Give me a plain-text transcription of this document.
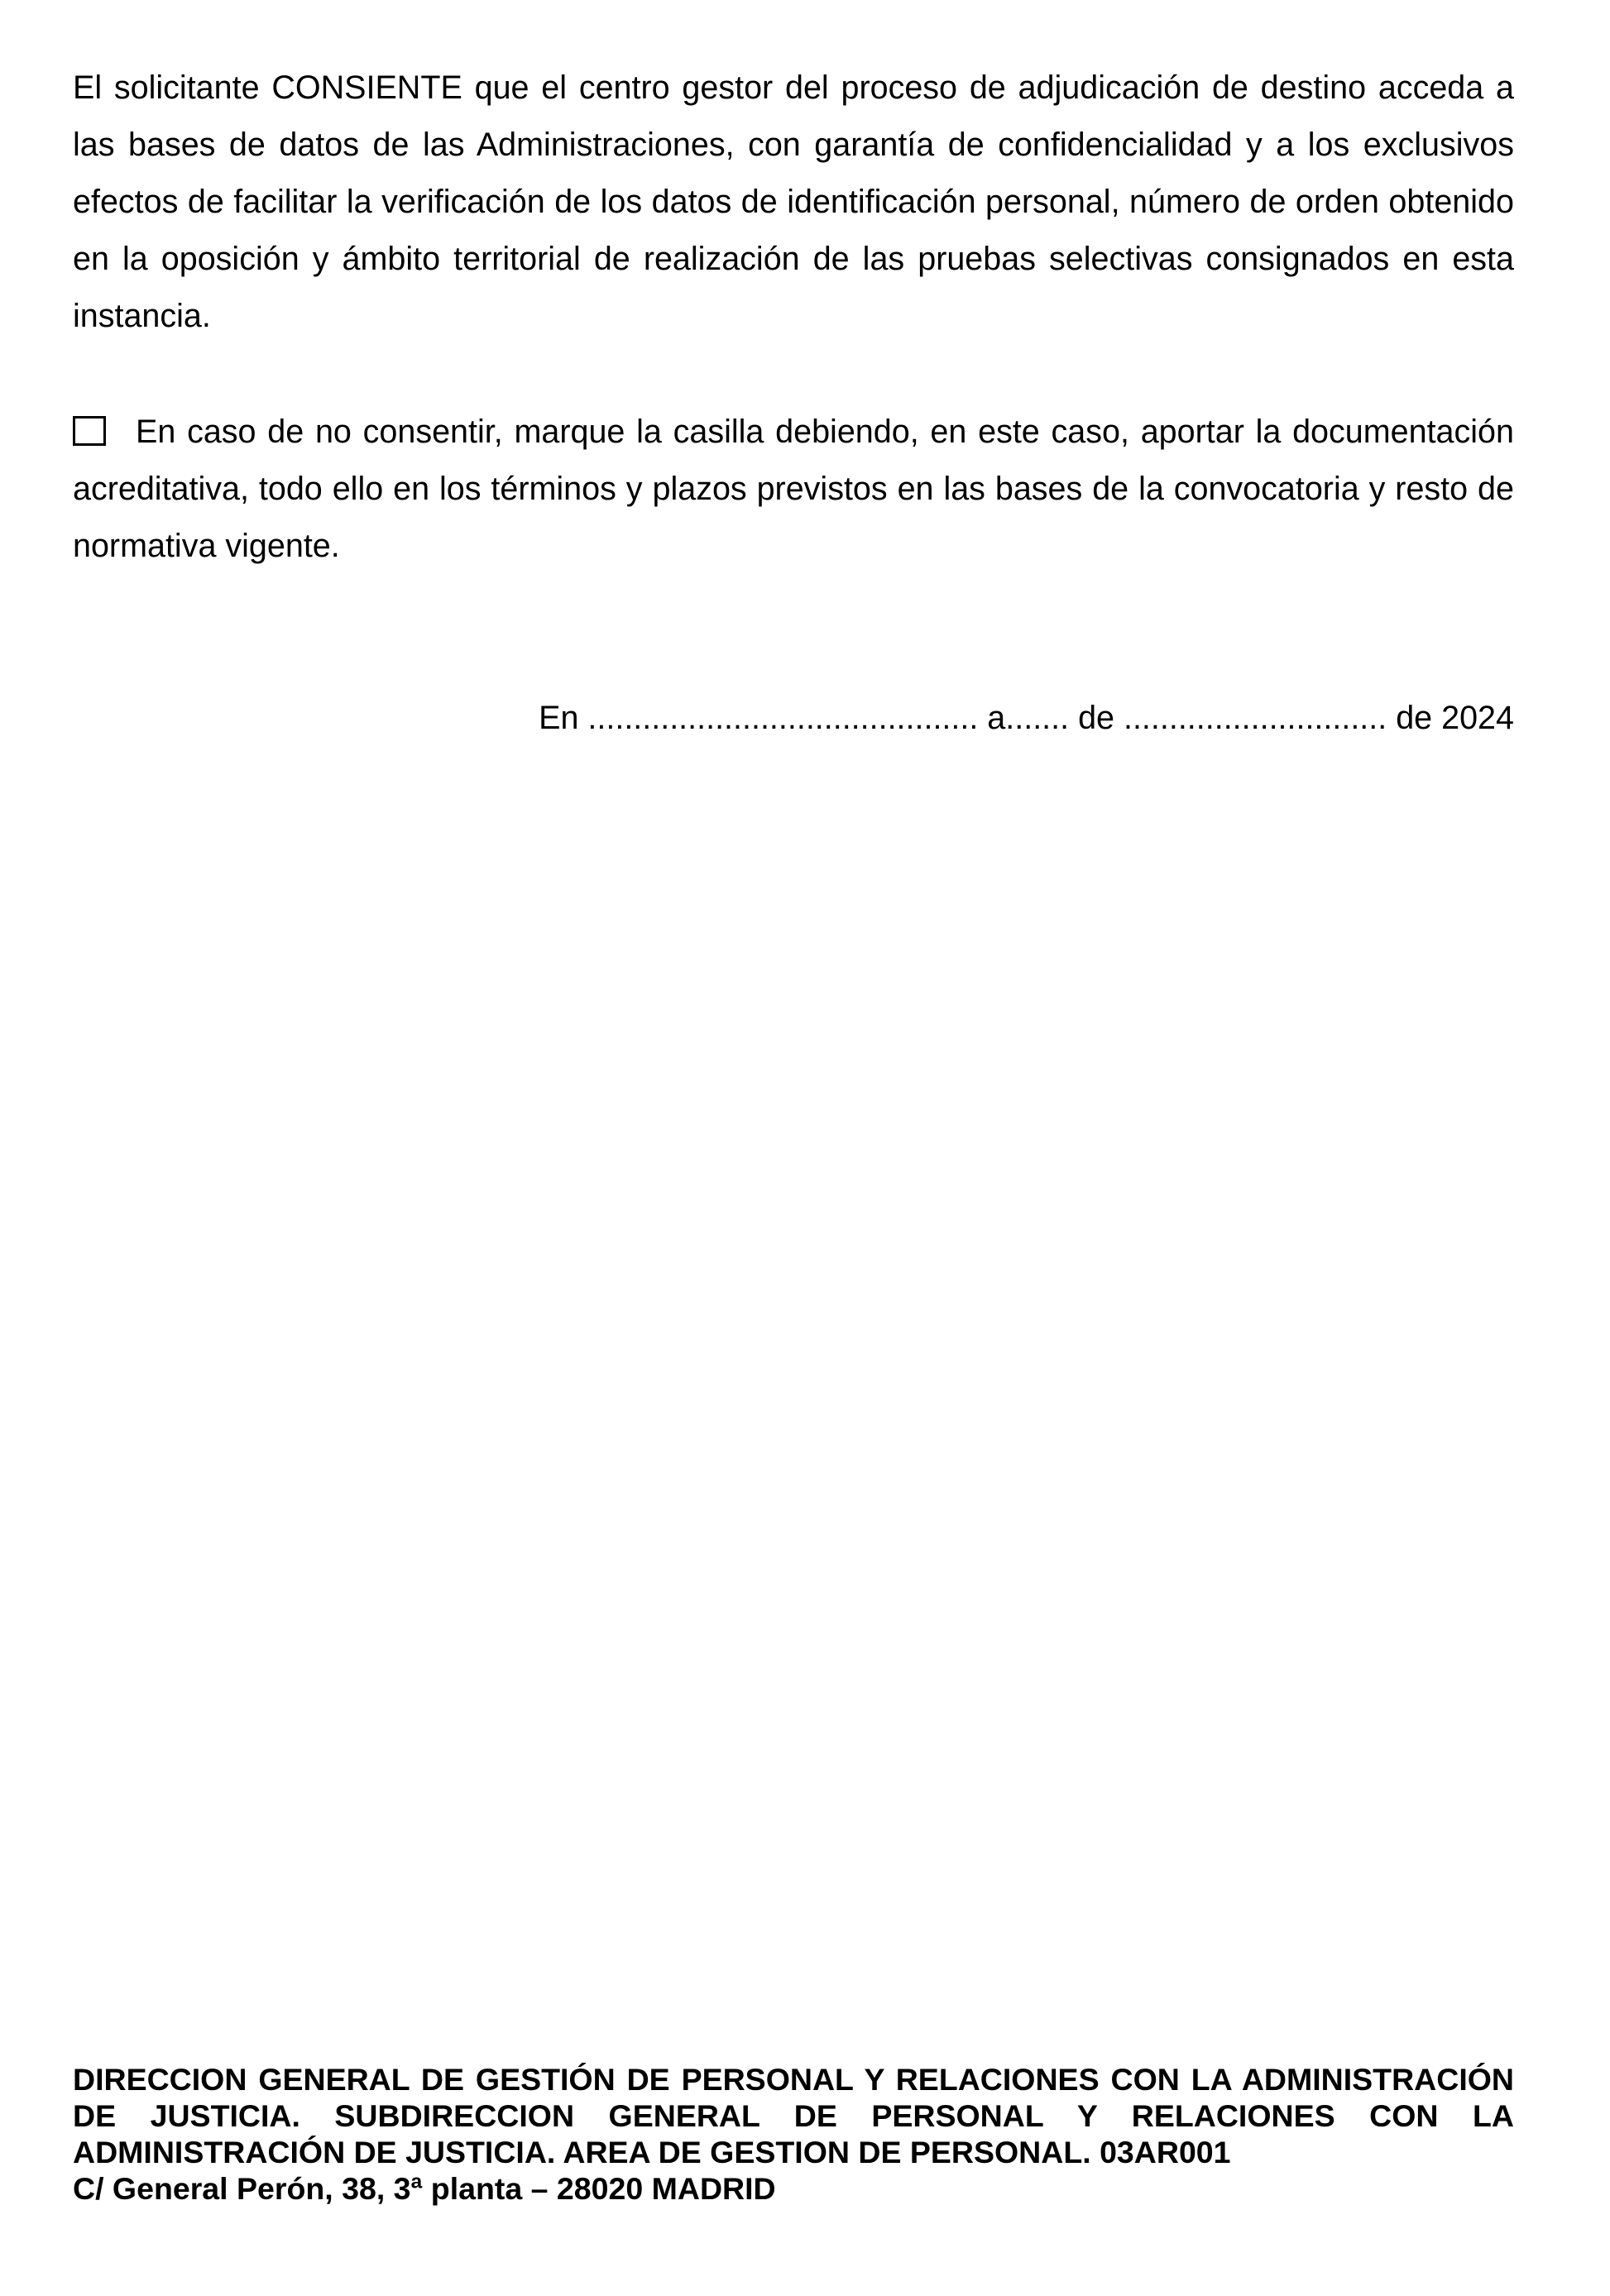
El solicitante CONSIENTE que el centro gestor del proceso de adjudicación de destino acceda a las bases de datos de las Administraciones, con garantía de confidencialidad y a los exclusivos efectos de facilitar la verificación de los datos de identificación personal, número de orden obtenido en la oposición y ámbito territorial de realización de las pruebas selectivas consignados en esta instancia.

En caso de no consentir, marque la casilla debiendo, en este caso, aportar la documentación acreditativa, todo ello en los términos y plazos previstos en las bases de la convocatoria y resto de normativa vigente.

En ........................................... a....... de ............................. de 2024

DIRECCION GENERAL DE GESTIÓN DE PERSONAL Y RELACIONES CON LA ADMINISTRACIÓN DE JUSTICIA. SUBDIRECCION GENERAL DE PERSONAL Y RELACIONES CON LA ADMINISTRACIÓN DE JUSTICIA. AREA DE GESTION DE PERSONAL. 03AR001
C/ General Perón, 38, 3ª planta – 28020 MADRID
